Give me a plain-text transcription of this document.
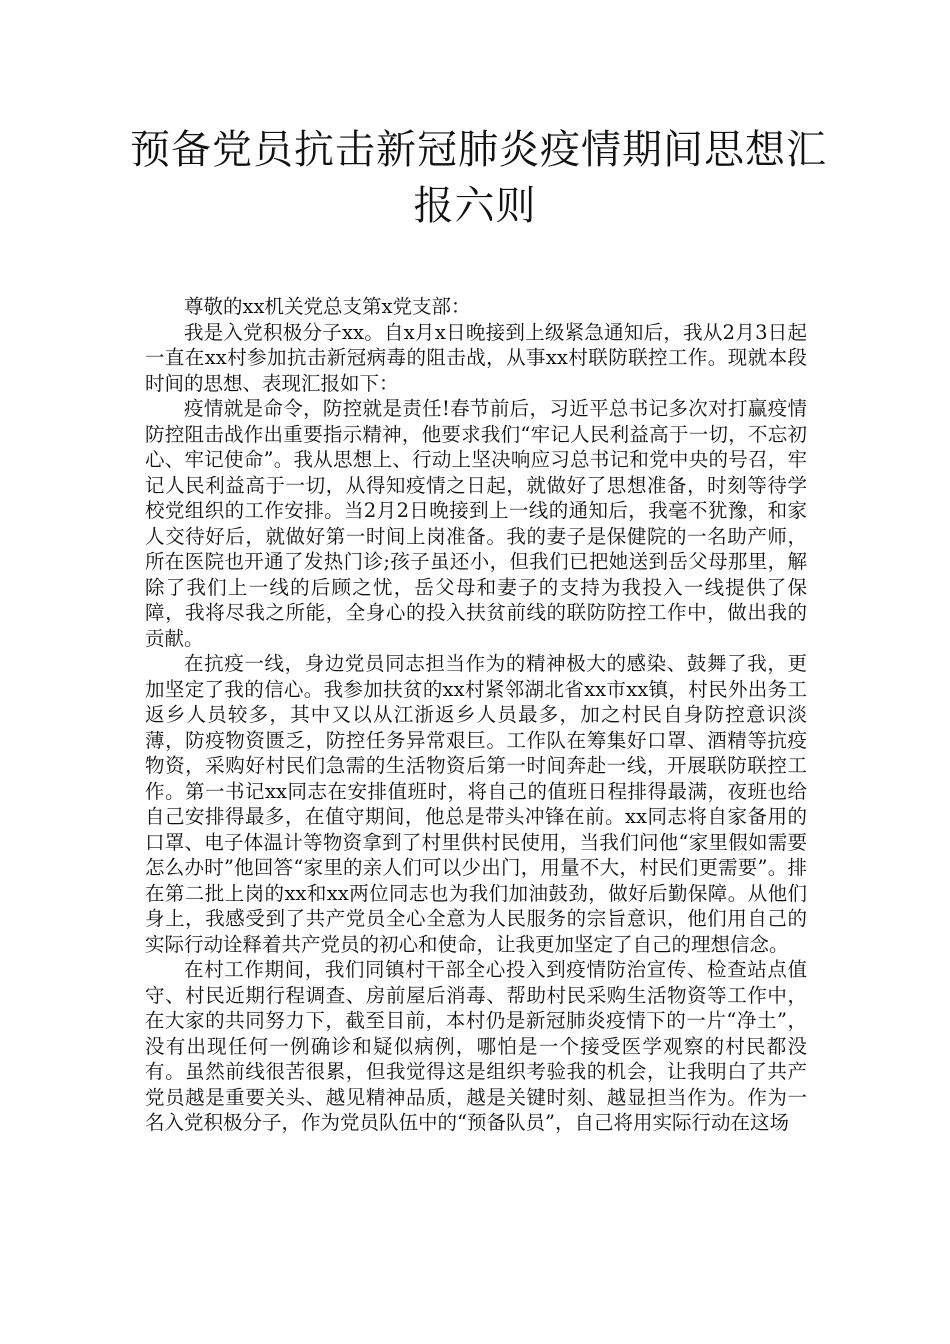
预备党员抗击新冠肺炎疫情期间思想汇
报六则

尊敬的xx机关党总支第x党支部：

我是入党积极分子xx。自x月x日晚接到上级紧急通知后，我从2月3日起一直在xx村参加抗击新冠病毒的阻击战，从事xx村联防联控工作。现就本段时间的思想、表现汇报如下：

疫情就是命令，防控就是责任!春节前后，习近平总书记多次对打赢疫情防控阻击战作出重要指示精神，他要求我们“牢记人民利益高于一切，不忘初心、牢记使命”。我从思想上、行动上坚决响应习总书记和党中央的号召，牢记人民利益高于一切，从得知疫情之日起，就做好了思想准备，时刻等待学校党组织的工作安排。当2月2日晚接到上一线的通知后，我毫不犹豫，和家人交待好后，就做好第一时间上岗准备。我的妻子是保健院的一名助产师，所在医院也开通了发热门诊;孩子虽还小，但我们已把她送到岳父母那里，解除了我们上一线的后顾之忧，岳父母和妻子的支持为我投入一线提供了保障，我将尽我之所能，全身心的投入扶贫前线的联防防控工作中，做出我的贡献。

在抗疫一线，身边党员同志担当作为的精神极大的感染、鼓舞了我，更加坚定了我的信心。我参加扶贫的xx村紧邻湖北省xx市xx镇，村民外出务工返乡人员较多，其中又以从江浙返乡人员最多，加之村民自身防控意识淡薄，防疫物资匮乏，防控任务异常艰巨。工作队在筹集好口罩、酒精等抗疫物资，采购好村民们急需的生活物资后第一时间奔赴一线，开展联防联控工作。第一书记xx同志在安排值班时，将自己的值班日程排得最满，夜班也给自己安排得最多，在值守期间，他总是带头冲锋在前。xx同志将自家备用的口罩、电子体温计等物资拿到了村里供村民使用，当我们问他“家里假如需要怎么办时”他回答“家里的亲人们可以少出门，用量不大，村民们更需要”。排在第二批上岗的xx和xx两位同志也为我们加油鼓劲，做好后勤保障。从他们身上，我感受到了共产党员全心全意为人民服务的宗旨意识，他们用自己的实际行动诠释着共产党员的初心和使命，让我更加坚定了自己的理想信念。

在村工作期间，我们同镇村干部全心投入到疫情防治宣传、检查站点值守、村民近期行程调查、房前屋后消毒、帮助村民采购生活物资等工作中，在大家的共同努力下，截至目前，本村仍是新冠肺炎疫情下的一片“净土”，没有出现任何一例确诊和疑似病例，哪怕是一个接受医学观察的村民都没有。虽然前线很苦很累，但我觉得这是组织考验我的机会，让我明白了共产党员越是重要关头、越见精神品质，越是关键时刻、越显担当作为。作为一名入党积极分子，作为党员队伍中的“预备队员”，自己将用实际行动在这场
